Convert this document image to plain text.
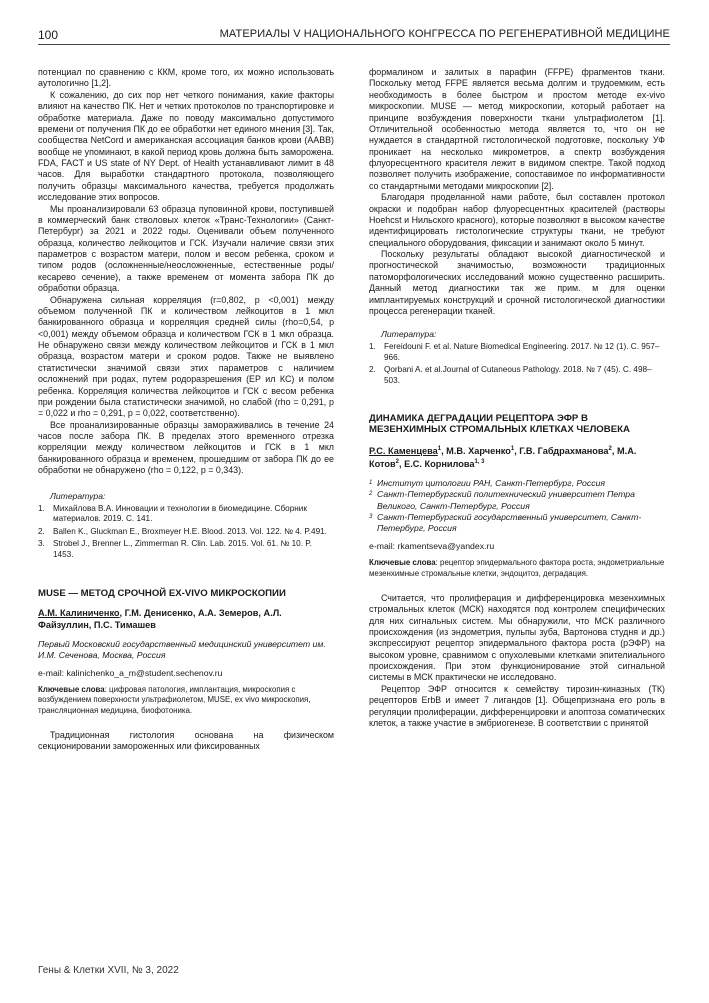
100	МАТЕРИАЛЫ V НАЦИОНАЛЬНОГО КОНГРЕССА ПО РЕГЕНЕРАТИВНОЙ МЕДИЦИНЕ

потенциал по сравнению с ККМ, кроме того, их можно использовать аутологично [1,2].

К сожалению, до сих пор нет четкого понимания, какие факторы влияют на качество ПК. Нет и четких протоколов по транспортировке и обработке материала. Даже по поводу максимально допустимого времени от получения ПК до ее обработки нет единого мнения [3]. Так, сообщества NetCord и американская ассоциация банков крови (AABB) вообще не упоминают, в какой период кровь должна быть заморожена. FDA, FACT и US state of NY Dept. of Health устанавливают лимит в 48 часов. Для выработки стандартного протокола, позволяющего получить образцы максимального качества, требуется продолжать исследование этих вопросов.

Мы проанализировали 63 образца пуповинной крови, поступившей в коммерческий банк стволовых клеток «Транс-Технологии» (Санкт-Петербург) за 2021 и 2022 годы. Оценивали объем полученного образца, количество лейкоцитов и ГСК. Изучали наличие связи этих параметров с возрастом матери, полом и весом ребенка, сроком и типом родов (осложненные/неосложненные, естественные роды/кесарево сечение), а также временем от момента забора ПК до обработки образца.

Обнаружена сильная корреляция (r=0,802, p <0,001) между объемом полученной ПК и количеством лейкоцитов в 1 мкл банкированного образца и корреляция средней силы (rho=0,54, p <0,001) между объемом образца и количеством ГСК в 1 мкл образца. Не обнаружено связи между количеством лейкоцитов и ГСК в 1 мкл образца, возрастом матери и сроком родов. Также не выявлено статистически значимой связи этих параметров с наличием осложнений при родах, путем родоразрешения (ЕР ил КС) и полом ребенка. Корреляция количества лейкоцитов и ГСК с весом ребенка при рождении была статистически значимой, но слабой (rho = 0,291, p = 0,022 и rho = 0,291, p = 0,022, соответственно).

Все проанализированные образцы замораживались в течение 24 часов после забора ПК. В пределах этого временного отрезка корреляции между количеством лейкоцитов и ГСК в 1 мкл банкированного образца и временем, прошедшим от забора ПК до ее обработки не обнаружено (rho = 0,122, p = 0,343).

Литература:
1. Михайлова В.А. Инновации и технологии в биомедицине. Сборник материалов. 2019. С. 141.
2. Ballen K., Gluckman E., Broxmeyer H.E. Blood. 2013. Vol. 122. № 4. P.491.
3. Strobel J., Brenner L., Zimmerman R. Clin. Lab. 2015. Vol. 61. № 10. P. 1453.
MUSE — МЕТОД СРОЧНОЙ EX-VIVO МИКРОСКОПИИ
А.М. Калиниченко, Г.М. Денисенко, А.А. Земеров, А.Л. Файзуллин, П.С. Тимашев
Первый Московский государственный медицинский университет им. И.М. Сеченова, Москва, Россия
e-mail: kalinichenko_a_m@student.sechenov.ru
Ключевые слова: цифровая патология, имплантация, микроскопия с возбуждением поверхности ультрафиолетом, MUSE, ex vivo микроскопия, трансляционная медицина, биофотоника.

Традиционная гистология основана на физическом секционировании замороженных или фиксированных

формалином и залитых в парафин (FFPE) фрагментов ткани. Поскольку метод FFPE является весьма долгим и трудоемким, есть необходимость в более быстром и простом методе ex-vivo микроскопии. MUSE — метод микроскопии, который работает на принципе возбуждения поверхности ткани ультрафиолетом [1]. Отличительной особенностью метода является то, что он не нуждается в стандартной гистологической подготовке, поскольку УФ проникает на несколько микрометров, а спектр возбуждения флуоресцентного красителя лежит в видимом спектре. Такой подход позволяет получить изображение, сопоставимое по информативности со стандартными методами микроскопии [2].

Благодаря проделанной нами работе, был составлен протокол окраски и подобран набор флуоресцентных красителей (растворы Hoehcst и Нильского красного), которые позволяют в высоком качестве идентифицировать гистологические структуры ткани, не требуют специального оборудования, фиксации и занимают около 5 минут.

Поскольку результаты обладают высокой диагностической и прогностической значимостью, возможности традиционных патоморфологических исследований можно существенно расширить. Данный метод диагностики так же прим. м для оценки имплантируемых конструкций и срочной гистологической диагностики процесса регенерации тканей.

Литература:
1. Fereidouni F. et al. Nature Biomedical Engineering. 2017. № 12 (1). С. 957–966.
2. Qorbani A. et al.Journal of Cutaneous Pathology. 2018. № 7 (45). С. 498–503.
ДИНАМИКА ДЕГРАДАЦИИ РЕЦЕПТОРА ЭФР В МЕЗЕНХИМНЫХ СТРОМАЛЬНЫХ КЛЕТКАХ ЧЕЛОВЕКА
Р.С. Каменцева$^1$, М.В. Харченко$^1$, Г.В. Габдрахманова$^2$, М.А. Котов$^2$, Е.С. Корнилова$^{1, 3}$
1 Институт цитологии РАН, Санкт-Петербург, Россия
2 Санкт-Петербургский политехнический университет Петра Великого, Санкт-Петербург, Россия
3 Санкт-Петербургский государственный университет, Санкт-Петербург, Россия
e-mail: rkamentseva@yandex.ru
Ключевые слова: рецептор эпидермального фактора роста, эндометриальные мезенхимные стромальные клетки, эндоцитоз, деградация.

Считается, что пролиферация и дифференцировка мезенхимных стромальных клеток (МСК) находятся под контролем специфических для них сигнальных систем. Мы обнаружили, что МСК различного происхождения (из эндометрия, пульпы зуба, Вартонова студня и др.) экспрессируют рецептор эпидермального фактора роста (рЭФР) на высоком уровне, сравнимом с опухолевыми клетками эпителиального происхождения. При этом функционирование этой сигнальной системы в МСК практически не исследовано.

Рецептор ЭФР относится к семейству тирозин-киназных (ТК) рецепторов ErbB и имеет 7 лигандов [1]. Общепризнана его роль в регуляции пролиферации, дифференцировки и апоптоза соматических клеток, а также участие в эмбриогенезе. В соответствии с принятой

Гены & Клетки XVII, № 3, 2022
